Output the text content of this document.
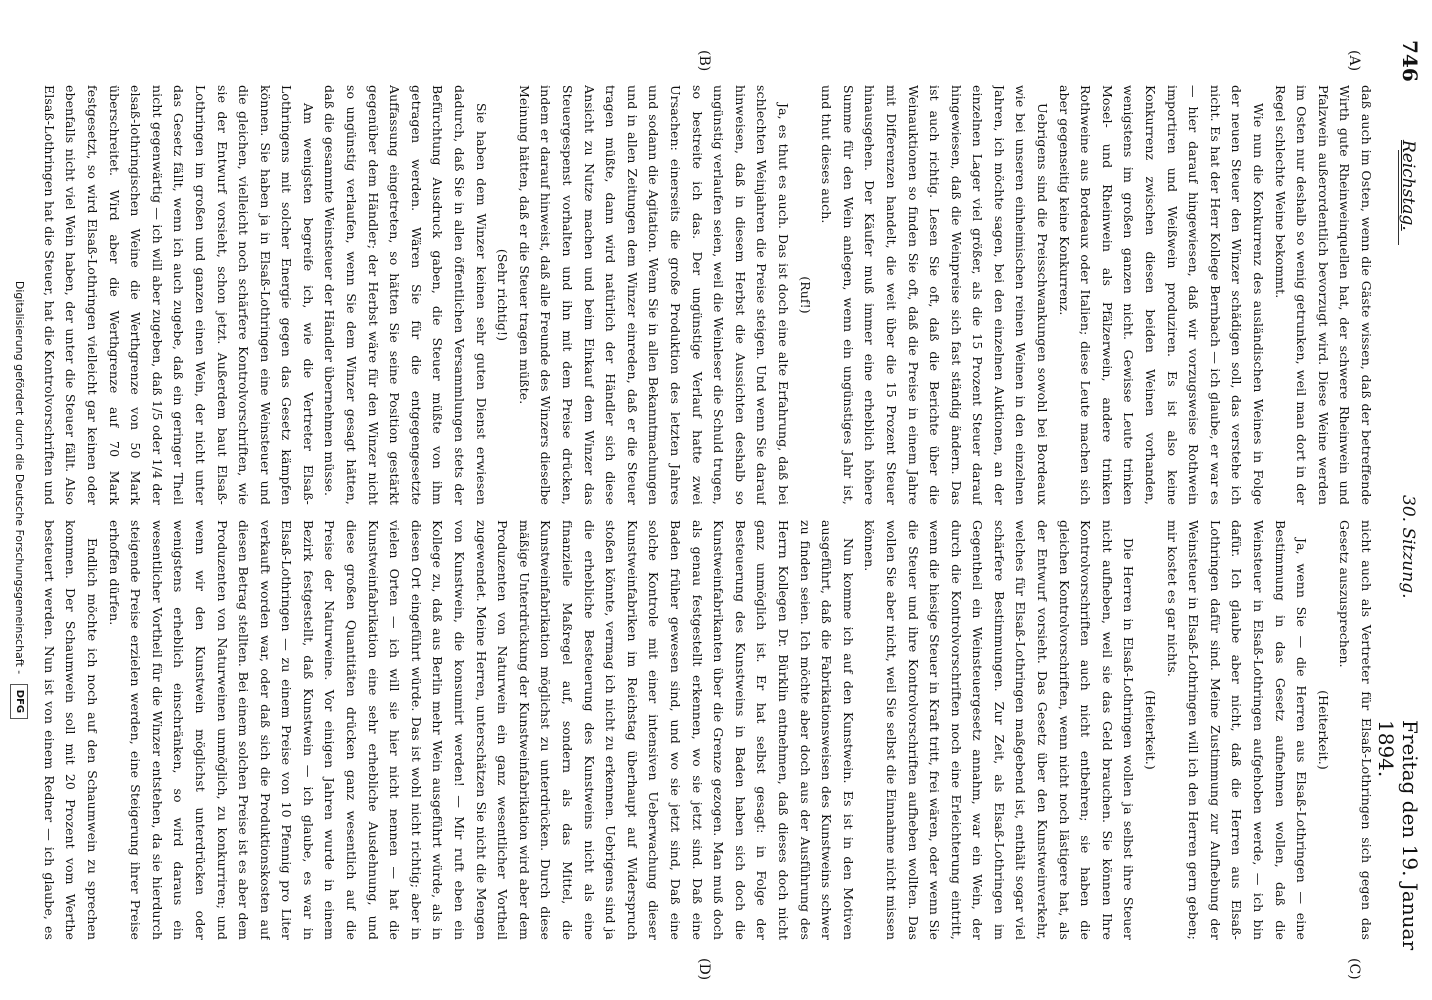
746
Reichstag.
30. Sitzung.
Freitag den 19. Januar 1894.
(A)
(B)
(C)
(D)

daß auch im Osten, wenn die Gäste wissen, daß der betreffende Wirth gute Rheinweinquellen hat, der schwere Rheinwein und Pfalzwein außerordentlich bevorzugt wird. Diese Weine werden im Osten nur deshalb so wenig getrunken, weil man dort in der Regel schlechte Weine bekommt.

Wie nun die Konkurrenz des ausländischen Weines in Folge der neuen Steuer den Winzer schädigen soll, das verstehe ich nicht. Es hat der Herr Kollege Bernbach — ich glaube, er war es — hier darauf hingewiesen, daß wir vorzugsweise Rothwein importiren und Weißwein produziren. Es ist also keine Konkurrenz zwischen diesen beiden Weinen vorhanden, wenigstens im großen ganzen nicht. Gewisse Leute trinken Mosel- und Rheinwein als Pfälzerwein, andere trinken Rothweine aus Bordeaux oder Italien; diese Leute machen sich aber gegenseitig keine Konkurrenz.

Uebrigens sind die Preisschwankungen sowohl bei Bordeaux wie bei unseren einheimischen reinen Weinen in den einzelnen Jahren, ich möchte sagen, bei den einzelnen Auktionen, an der einzelnen Lager viel größer, als die 15 Prozent Steuer darauf hingewiesen, daß die Weinpreise sich fast ständig ändern. Das ist auch richtig. Lesen Sie oft, daß die Berichte über die Weinauktionen so finden Sie oft, daß die Preise in einem Jahre mit Differenzen handelt, die weit über die 15 Prozent Steuer hinausgehen. Der Käufer muß immer eine erheblich höhere Summe für den Wein anlegen, wenn ein ungünstiges Jahr ist, und thut dieses auch.

(Ruf!)

Ja, es thut es auch. Das ist doch eine alte Erfahrung, daß bei schlechten Weinjahren die Preise steigen. Und wenn Sie darauf hinweisen, daß in diesem Herbst die Aussichten deshalb so ungünstig verlaufen seien, weil die Weinleser die Schuld trugen, so bestreite ich das. Der ungünstige Verlauf hatte zwei Ursachen: einerseits die große Produktion des letzten Jahres und sodann die Agitation. Wenn Sie in allen Bekanntmachungen und in allen Zeitungen dem Winzer einreden, daß er die Steuer tragen müßte, dann wird natürlich der Händler sich diese Ansicht zu Nutze machen und beim Einkauf dem Winzer das Steuergespenst vorhalten und ihn mit dem Preise drücken, indem er darauf hinweist, daß alle Freunde des Winzers dieselbe Meinung hätten, daß er die Steuer tragen müßte.

(Sehr richtig!)

Sie haben dem Winzer keinen sehr guten Dienst erwiesen dadurch, daß Sie in allen öffentlichen Versammlungen stets der Befürchtung Ausdruck gaben, die Steuer müßte von ihm getragen werden. Wären Sie für die entgegengesetzte Auffassung eingetreten, so hätten Sie seine Position gestärkt gegenüber dem Händler; der Herbst wäre für den Winzer nicht so ungünstig verlaufen, wenn Sie dem Winzer gesagt hätten, daß die gesammte Weinsteuer der Händler übernehmen müsse.

Am wenigsten begreife ich, wie die Vertreter Elsaß-Lothringens mit solcher Energie gegen das Gesetz kämpfen können. Sie haben ja in Elsaß-Lothringen eine Weinsteuer und die gleichen, vielleicht noch schärfere Kontrolvorschriften, wie sie der Entwurf vorsieht, schon jetzt. Außerdem baut Elsaß-Lothringen im großen und ganzen einen Wein, der nicht unter das Gesetz fällt, wenn ich auch zugebe, daß ein geringer Theil nicht gegenwärtig — ich will aber zugeben, daß 1/5 oder 1/4 der elsaß-lothringischen Weine die Werthgrenze von 50 Mark überschreitet. Wird aber die Werthgrenze auf 70 Mark festgesetzt, so wird Elsaß-Lothringen vielleicht gar keinen oder ebenfalls nicht viel Wein haben, der unter die Steuer fällt. Also Elsaß-Lothringen hat die Steuer, hat die Kontrolvorschriften und

nicht auch als Vertreter für Elsaß-Lothringen sich gegen das Gesetz auszusprechen.

(Heiterkeit.)

Ja, wenn Sie — die Herren aus Elsaß-Lothringen — eine Bestimmung in das Gesetz aufnehmen wollen, daß die Weinsteuer in Elsaß-Lothringen aufgehoben werde, — ich bin dafür. Ich glaube aber nicht, daß die Herren aus Elsaß-Lothringen dafür sind. Meine Zustimmung zur Aufhebung der Weinsteuer in Elsaß-Lothringen will ich den Herren gern geben; mir kostet es gar nichts.

(Heiterkeit.)

Die Herren in Elsaß-Lothringen wollen ja selbst ihre Steuer nicht aufheben, weil sie das Geld brauchen. Sie können Ihre Kontrolvorschriften auch nicht entbehren; sie haben die gleichen Kontrolvorschriften, wenn nicht noch lästigere hat, als der Entwurf vorsieht. Das Gesetz über den Kunstweinverkehr, welches für Elsaß-Lothringen maßgebend ist, enthält sogar viel schärfere Bestimmungen. Zur Zeit, als Elsaß-Lothringen im Gegentheil ein Weinsteuergesetz annahm, war ein Wein, der durch die Kontrolvorschriften noch eine Erleichterung eintritt, wenn die hiesige Steuer in Kraft tritt, frei wären, oder wenn Sie die Steuer und ihre Kontrolvorschriften aufheben wollten. Das wollen Sie aber nicht, weil Sie selbst die Einnahme nicht missen können.

Nun komme ich auf den Kunstwein. Es ist in den Motiven ausgeführt, daß die Fabrikationsweisen des Kunstweins schwer zu finden seien. Ich möchte aber doch aus der Ausführung des Herrn Kollegen Dr. Bürklin entnehmen, daß dieses doch nicht ganz unmöglich ist. Er hat selbst gesagt: in Folge der Besteuerung des Kunstweins in Baden haben sich doch die Kunstweinfabrikanten über die Grenze gezogen. Man muß doch als genau festgestellt erkennen, wo sie jetzt sind. Daß eine Baden früher gewesen sind, und wo sie jetzt sind, Daß eine solche Kontrole mit einer intensiven Ueberwachung dieser Kunstweinfabriken im Reichstag überhaupt auf Widerspruch stoßen könnte, vermag ich nicht zu erkennen. Uebrigens sind ja die erhebliche Besteuerung des Kunstweins nicht als eine finanzielle Maßregel auf, sondern als das Mittel, die Kunstweinfabrikation möglichst zu unterdrücken. Durch diese mäßige Unterdrückung der Kunstweinfabrikation wird aber dem Produzenten von Naturwein ein ganz wesentlicher Vortheil zugewendet. Meine Herren, unterschätzen Sie nicht die Mengen von Kunstwein, die konsumirt werden! — Mir ruft eben ein Kollege zu, daß aus Berlin mehr Wein ausgeführt würde, als in diesen Ort eingeführt würde. Das ist wohl nicht richtig; aber in vielen Orten — ich will sie hier nicht nennen — hat die Kunstweinfabrikation eine sehr erhebliche Ausdehnung, und diese großen Quantitäten drücken ganz wesentlich auf die Preise der Naturweine. Vor einigen Jahren wurde in einem Bezirk festgestellt, daß Kunstwein — ich glaube, es war in Elsaß-Lothringen — zu einem Preise von 10 Pfennig pro Liter verkauft worden war, oder daß sich die Produktionskosten auf diesen Betrag stellten. Bei einem solchen Preise ist es aber dem Produzenten von Naturweinen unmöglich, zu konkurriren; und wenn wir den Kunstwein möglichst unterdrücken oder wenigstens erheblich einschränken, so wird daraus ein wesentlicher Vortheil für die Winzer entstehen, da sie hierdurch steigende Preise erzielen werden, eine Steigerung ihrer Preise erhoffen dürfen.

Endlich möchte ich noch auf den Schaumwein zu sprechen kommen. Der Schaumwein soll mit 20 Prozent vom Werthe besteuert werden. Nun ist von einem Redner — ich glaube, es

Digitalisierung gefördert durch die Deutsche Forschungsgemeinschaft - DFG
